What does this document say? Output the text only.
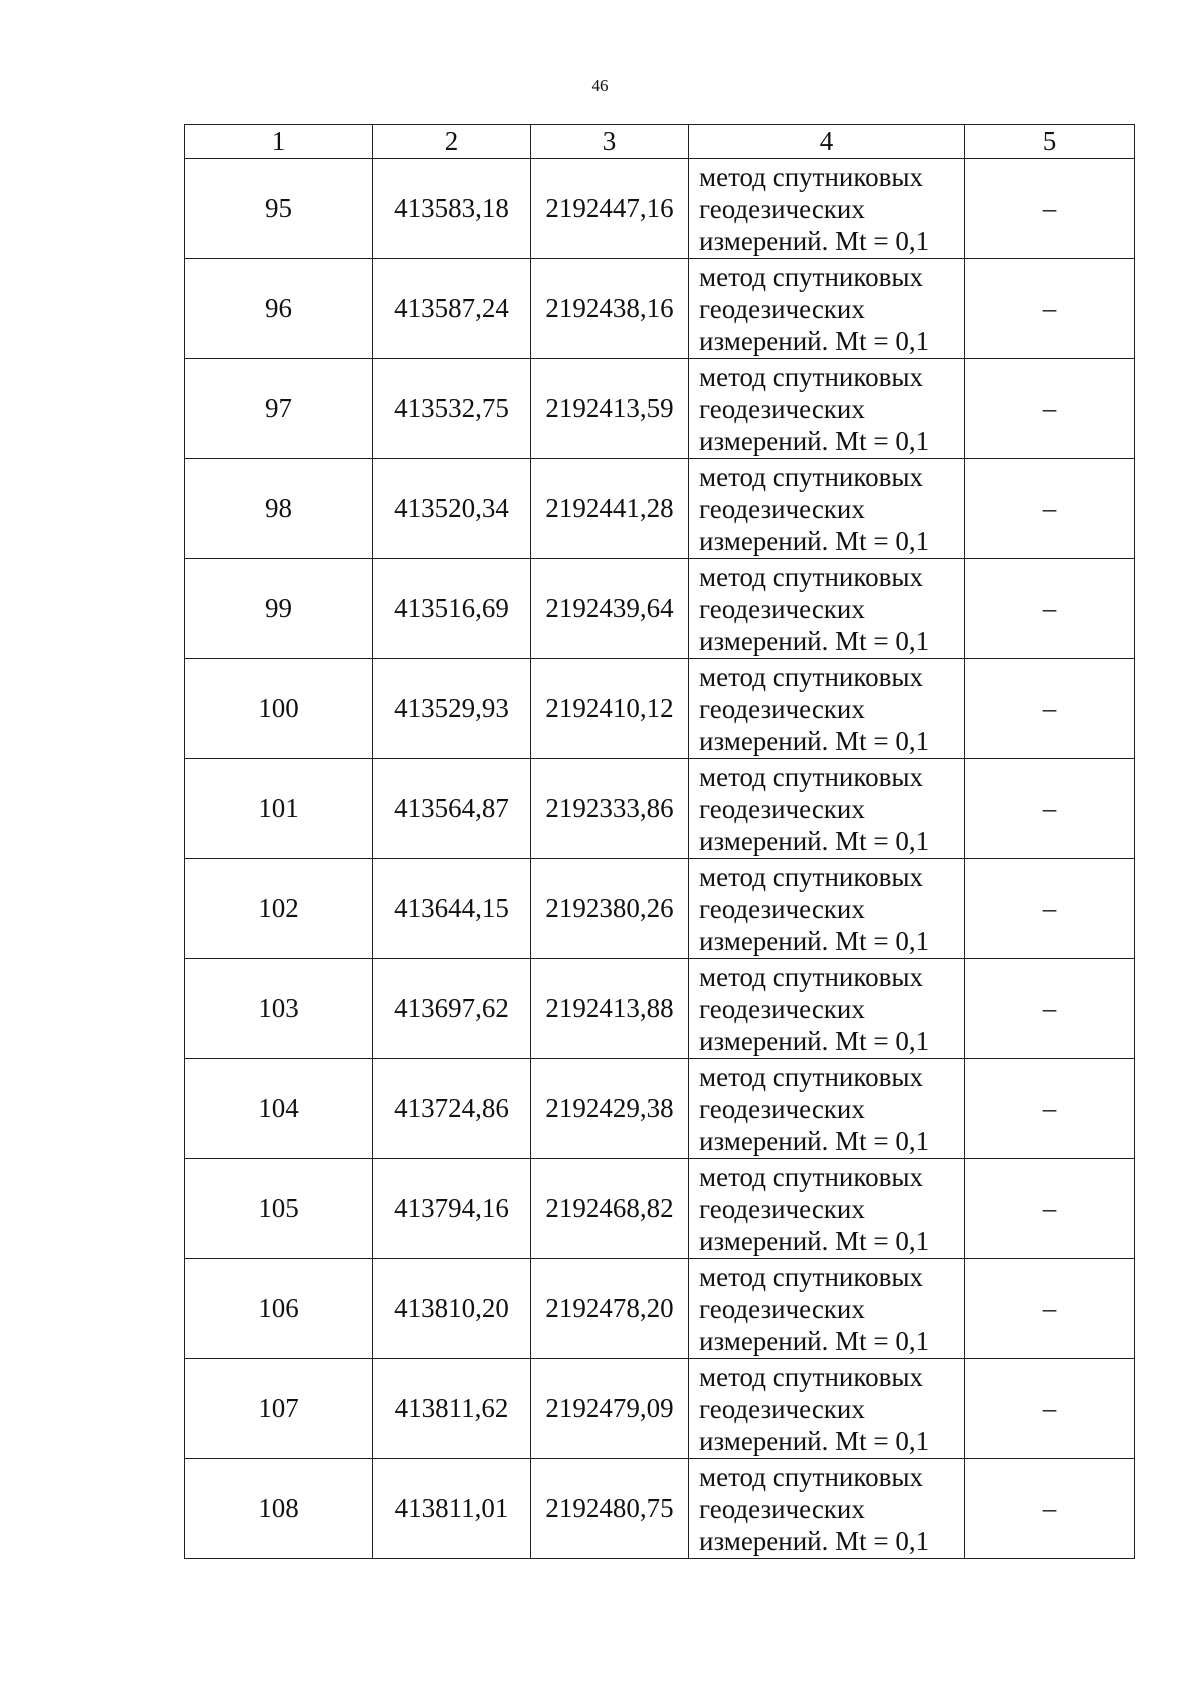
46
1	2	3	4	5
95	413583,18	2192447,16	метод спутниковых
геодезических
измерений. Mt = 0,1	–
96	413587,24	2192438,16	метод спутниковых
геодезических
измерений. Mt = 0,1	–
97	413532,75	2192413,59	метод спутниковых
геодезических
измерений. Mt = 0,1	–
98	413520,34	2192441,28	метод спутниковых
геодезических
измерений. Mt = 0,1	–
99	413516,69	2192439,64	метод спутниковых
геодезических
измерений. Mt = 0,1	–
100	413529,93	2192410,12	метод спутниковых
геодезических
измерений. Mt = 0,1	–
101	413564,87	2192333,86	метод спутниковых
геодезических
измерений. Mt = 0,1	–
102	413644,15	2192380,26	метод спутниковых
геодезических
измерений. Mt = 0,1	–
103	413697,62	2192413,88	метод спутниковых
геодезических
измерений. Mt = 0,1	–
104	413724,86	2192429,38	метод спутниковых
геодезических
измерений. Mt = 0,1	–
105	413794,16	2192468,82	метод спутниковых
геодезических
измерений. Mt = 0,1	–
106	413810,20	2192478,20	метод спутниковых
геодезических
измерений. Mt = 0,1	–
107	413811,62	2192479,09	метод спутниковых
геодезических
измерений. Mt = 0,1	–
108	413811,01	2192480,75	метод спутниковых
геодезических
измерений. Mt = 0,1	–
